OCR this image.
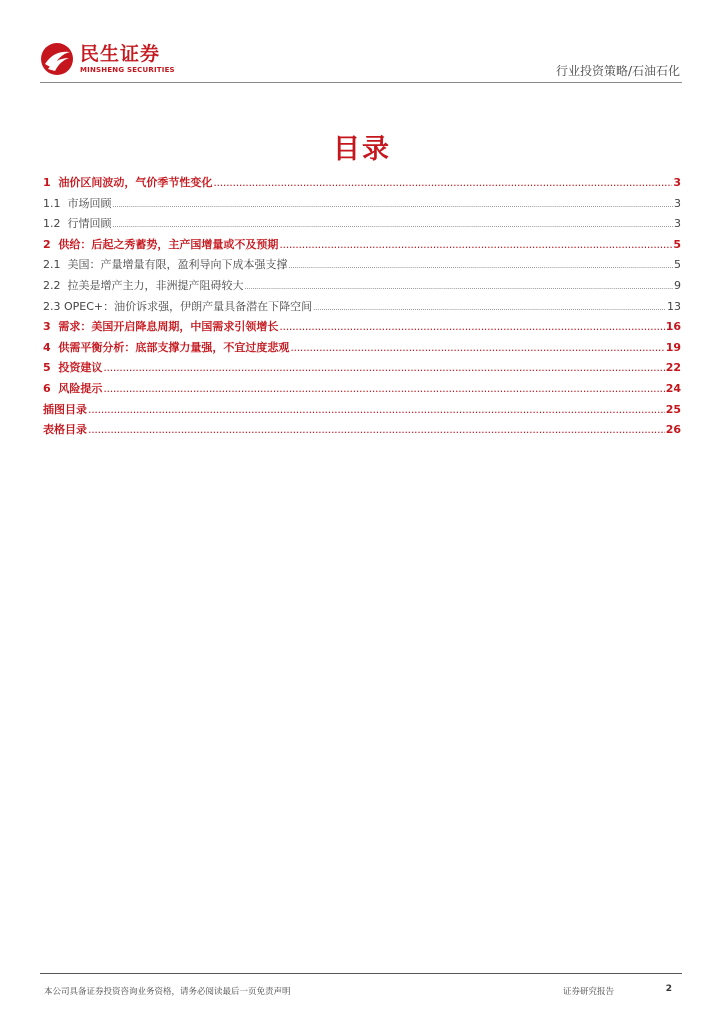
民生证券
MINSHENG SECURITIES	行业投资策略/石油石化
目录
1 油价区间波动，气价季节性变化 .....	3
1.1 市场回顾 .....	3
1.2 行情回顾 .....	3
2 供给：后起之秀蓄势，主产国增量或不及预期 .....	5
2.1 美国：产量增量有限，盈利导向下成本强支撑 .....	5
2.2 拉美是增产主力，非洲提产阻碍较大 .....	9
2.3 OPEC+：油价诉求强，伊朗产量具备潜在下降空间 .....	13
3 需求：美国开启降息周期，中国需求引领增长 .....	16
4 供需平衡分析：底部支撑力量强，不宜过度悲观 .....	19
5 投资建议 .....	22
6 风险提示 .....	24
插图目录 .....	25
表格目录 .....	26
本公司具备证券投资咨询业务资格，请务必阅读最后一页免责声明	证券研究报告	2
